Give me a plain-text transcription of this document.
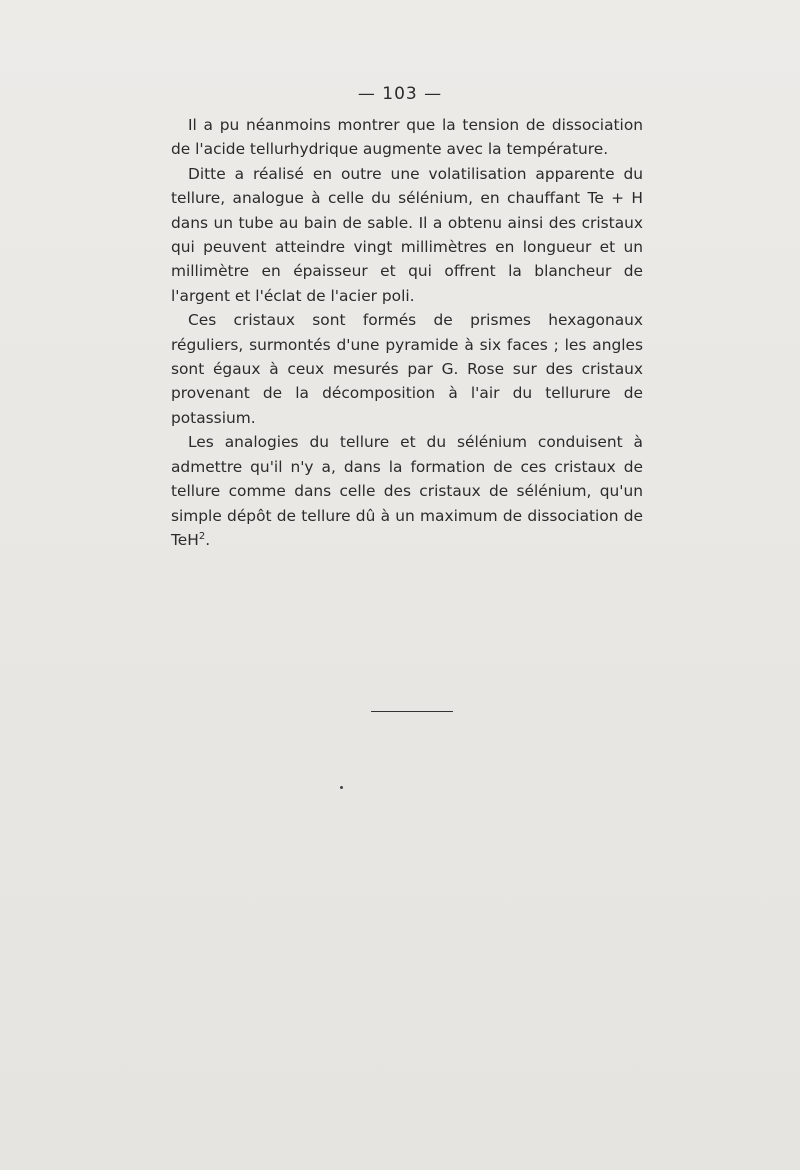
— 103 —

Il a pu néanmoins montrer que la tension de dissociation de l'acide tellurhydrique augmente avec la température.

Ditte a réalisé en outre une volatilisation apparente du tellure, analogue à celle du sélénium, en chauffant Te + H dans un tube au bain de sable. Il a obtenu ainsi des cristaux qui peuvent atteindre vingt millimètres en longueur et un millimètre en épaisseur et qui offrent la blancheur de l'argent et l'éclat de l'acier poli.

Ces cristaux sont formés de prismes hexagonaux réguliers, surmontés d'une pyramide à six faces ; les angles sont égaux à ceux mesurés par G. Rose sur des cristaux provenant de la décomposition à l'air du tellurure de potassium.

Les analogies du tellure et du sélénium conduisent à admettre qu'il n'y a, dans la formation de ces cristaux de tellure comme dans celle des cristaux de sélénium, qu'un simple dépôt de tellure dû à un maximum de dissociation de TeH$^2$.
